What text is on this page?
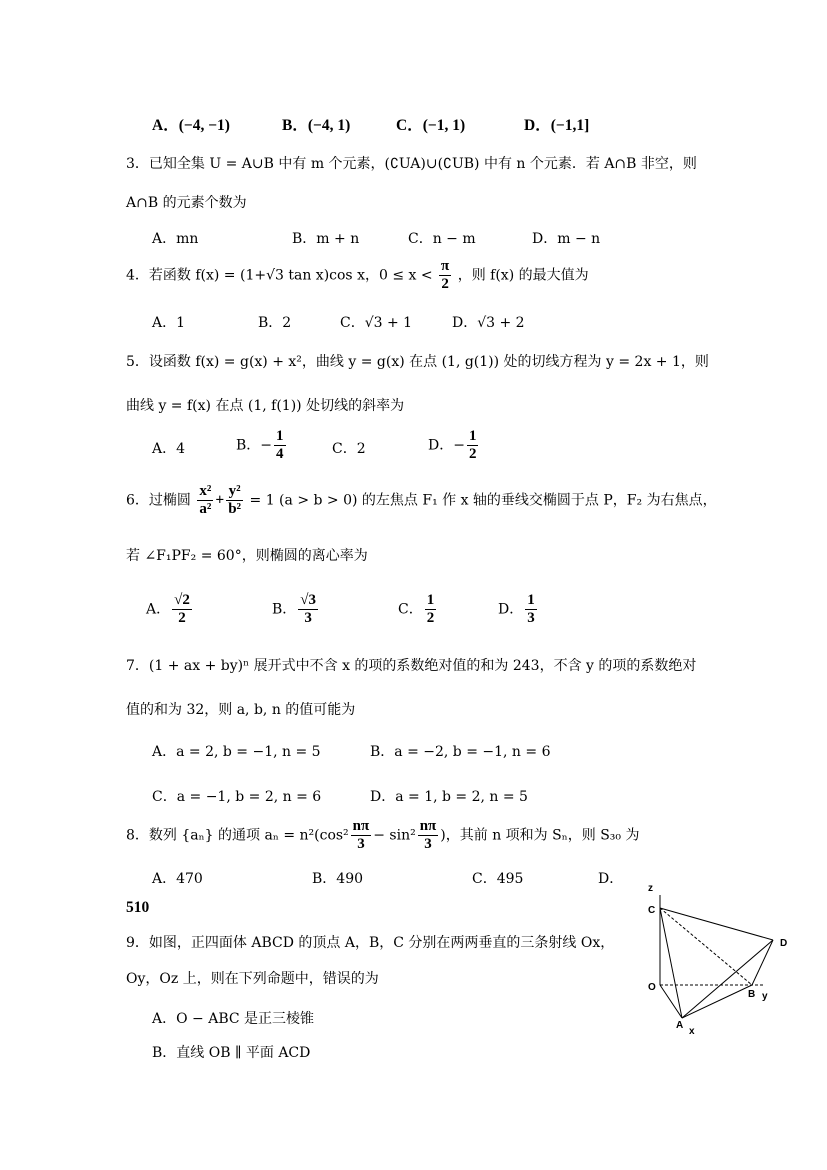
A．(−4, −1)	B．(−4, 1)	C．(−1, 1)	D．(−1,1]
3．已知全集 U = A∪B 中有 m 个元素，(∁UA)∪(∁UB) 中有 n 个元素．若 A∩B 非空，则
A∩B 的元素个数为
A．mn	B．m + n	C．n − m	D．m − n
4．若函数 f(x) = (1+√3 tan x)cos x，$0 \le x < \frac{\pi}{2}$ ，则 f(x) 的最大值为
A．1	B．2	C．√3 + 1	D．√3 + 2
5．设函数 f(x) = g(x) + x²，曲线 y = g(x) 在点 (1, g(1)) 处的切线方程为 y = 2x + 1，则
曲线 y = f(x) 在点 (1, f(1)) 处切线的斜率为
A．4	B．− $\frac{1}{4}$	C．2	D．− $\frac{1}{2}$
6．过椭圆 $\frac{\text{x²}}{\text{a²}} + \frac{\text{y²}}{\text{b²}} = 1$ (a > b > 0) 的左焦点 F₁ 作 x 轴的垂线交椭圆于点 P，F₂ 为右焦点，
若 ∠F₁PF₂ = 60°，则椭圆的离心率为
A． $\frac{√2}{2}$	B． $\frac{√3}{3}$	C． $\frac{1}{2}$	D． $\frac{1}{3}$
7．(1 + ax + by)ⁿ 展开式中不含 x 的项的系数绝对值的和为 243，不含 y 的项的系数绝对
值的和为 32，则 a, b, n 的值可能为
A．a = 2, b = −1, n = 5	B．a = −2, b = −1, n = 6
C．a = −1, b = 2, n = 6	D．a = 1, b = 2, n = 5
8．数列 {aₙ} 的通项 $a_n = n^2(\cos^2 \frac{n\pi}{3} - \sin^2 \frac{n\pi}{3}$ )，其前 n 项和为 Sₙ，则 S₃₀ 为
A．470	B．490	C．495	D．
510
9．如图，正四面体 ABCD 的顶点 A，B，C 分别在两两垂直的三条射线 Ox，
Oy，Oz 上，则在下列命题中，错误的为
A．O − ABC 是正三棱锥
B．直线 OB ∥ 平面 ACD
z
C
D
O
B y
A
x
